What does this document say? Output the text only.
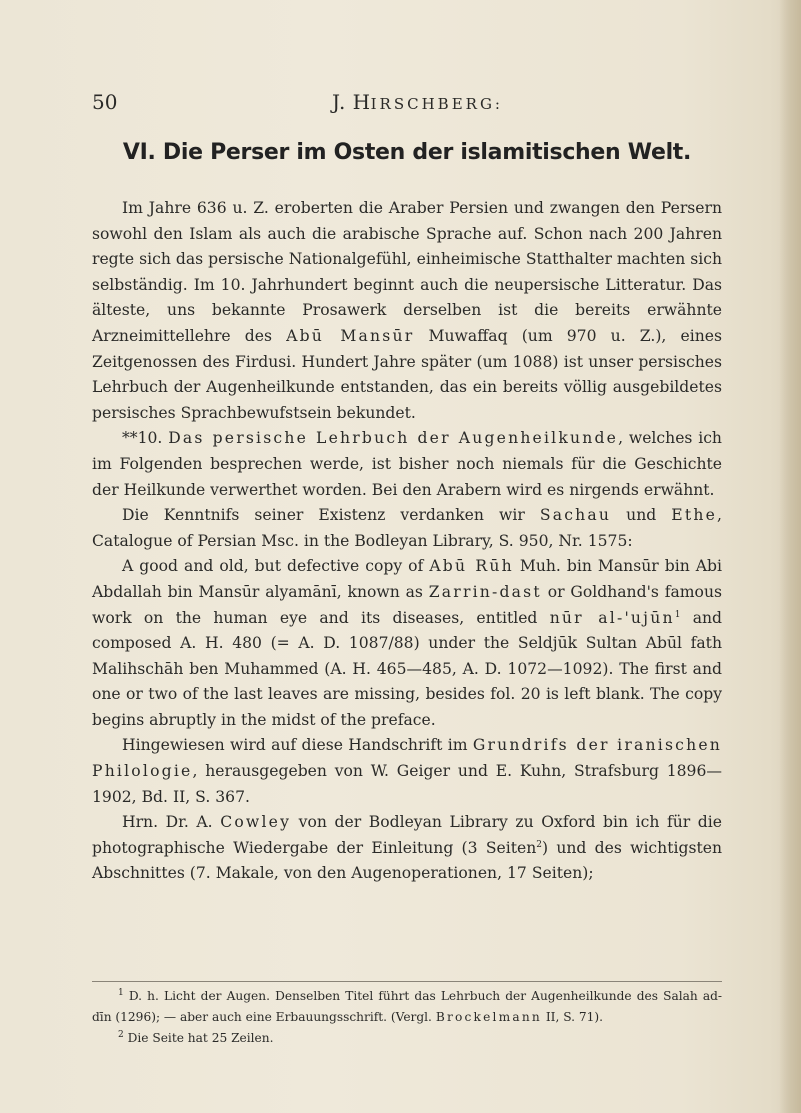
50	J. HIRSCHBERG:
VI. Die Perser im Osten der islamitischen Welt.

Im Jahre 636 u. Z. eroberten die Araber Persien und zwangen den Persern sowohl den Islam als auch die arabische Sprache auf. Schon nach 200 Jahren regte sich das persische Nationalgefühl, einheimische Statthalter machten sich selbständig. Im 10. Jahrhundert beginnt auch die neupersische Litteratur. Das älteste, uns bekannte Prosawerk derselben ist die bereits erwähnte Arzneimittellehre des Abū Mansūr Muwaffaq (um 970 u. Z.), eines Zeitgenossen des Firdusi. Hundert Jahre später (um 1088) ist unser persisches Lehrbuch der Augenheilkunde entstanden, das ein bereits völlig ausgebildetes persisches Sprachbewufstsein bekundet.

**10. Das persische Lehrbuch der Augenheilkunde, welches ich im Folgenden besprechen werde, ist bisher noch niemals für die Geschichte der Heilkunde verwerthet worden. Bei den Arabern wird es nirgends erwähnt.

Die Kenntnifs seiner Existenz verdanken wir Sachau und Ethe, Catalogue of Persian Msc. in the Bodleyan Library, S. 950, Nr. 1575:

A good and old, but defective copy of Abū Rūh Muh. bin Mansūr bin Abi Abdallah bin Mansūr alyamānī, known as Zarrin-dast or Goldhand's famous work on the human eye and its diseases, entitled nūr al-'ujūn$^1$ and composed A. H. 480 (= A. D. 1087/88) under the Seldjūk Sultan Abūl fath Malihschāh ben Muhammed (A. H. 465—485, A. D. 1072—1092). The first and one or two of the last leaves are missing, besides fol. 20 is left blank. The copy begins abruptly in the midst of the preface.

Hingewiesen wird auf diese Handschrift im Grundrifs der iranischen Philologie, herausgegeben von W. Geiger und E. Kuhn, Strafsburg 1896—1902, Bd. II, S. 367.

Hrn. Dr. A. Cowley von der Bodleyan Library zu Oxford bin ich für die photographische Wiedergabe der Einleitung (3 Seiten$^2$) und des wichtigsten Abschnittes (7. Makale, von den Augenoperationen, 17 Seiten);

$^1$ D. h. Licht der Augen. Denselben Titel führt das Lehrbuch der Augenheilkunde des Salah ad-dīn (1296); — aber auch eine Erbauungsschrift. (Vergl. Brockelmann II, S. 71).

$^2$ Die Seite hat 25 Zeilen.
